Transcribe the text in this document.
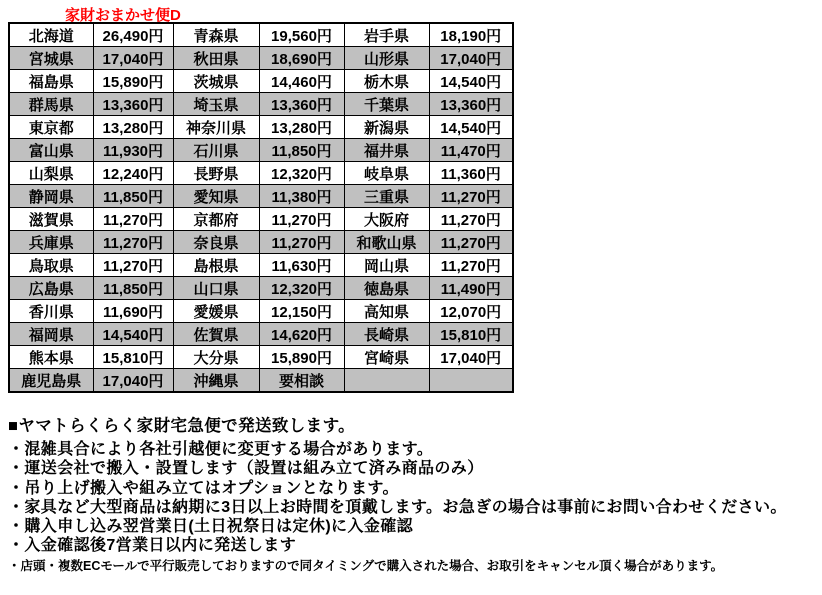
家財おまかせ便D
北海道	26,490円	青森県	19,560円	岩手県	18,190円
宮城県	17,040円	秋田県	18,690円	山形県	17,040円
福島県	15,890円	茨城県	14,460円	栃木県	14,540円
群馬県	13,360円	埼玉県	13,360円	千葉県	13,360円
東京都	13,280円	神奈川県	13,280円	新潟県	14,540円
富山県	11,930円	石川県	11,850円	福井県	11,470円
山梨県	12,240円	長野県	12,320円	岐阜県	11,360円
静岡県	11,850円	愛知県	11,380円	三重県	11,270円
滋賀県	11,270円	京都府	11,270円	大阪府	11,270円
兵庫県	11,270円	奈良県	11,270円	和歌山県	11,270円
鳥取県	11,270円	島根県	11,630円	岡山県	11,270円
広島県	11,850円	山口県	12,320円	徳島県	11,490円
香川県	11,690円	愛媛県	12,150円	高知県	12,070円
福岡県	14,540円	佐賀県	14,620円	長崎県	15,810円
熊本県	15,810円	大分県	15,890円	宮崎県	17,040円
鹿児島県	17,040円	沖縄県	要相談		
■ヤマトらくらく家財宅急便で発送致します。
・混雑具合により各社引越便に変更する場合があります。
・運送会社で搬入・設置します（設置は組み立て済み商品のみ）
・吊り上げ搬入や組み立てはオプションとなります。
・家具など大型商品は納期に3日以上お時間を頂戴します。お急ぎの場合は事前にお問い合わせください。
・購入申し込み翌営業日(土日祝祭日は定休)に入金確認
・入金確認後7営業日以内に発送します
・店頭・複数ECモールで平行販売しておりますので同タイミングで購入された場合、お取引をキャンセル頂く場合があります。
